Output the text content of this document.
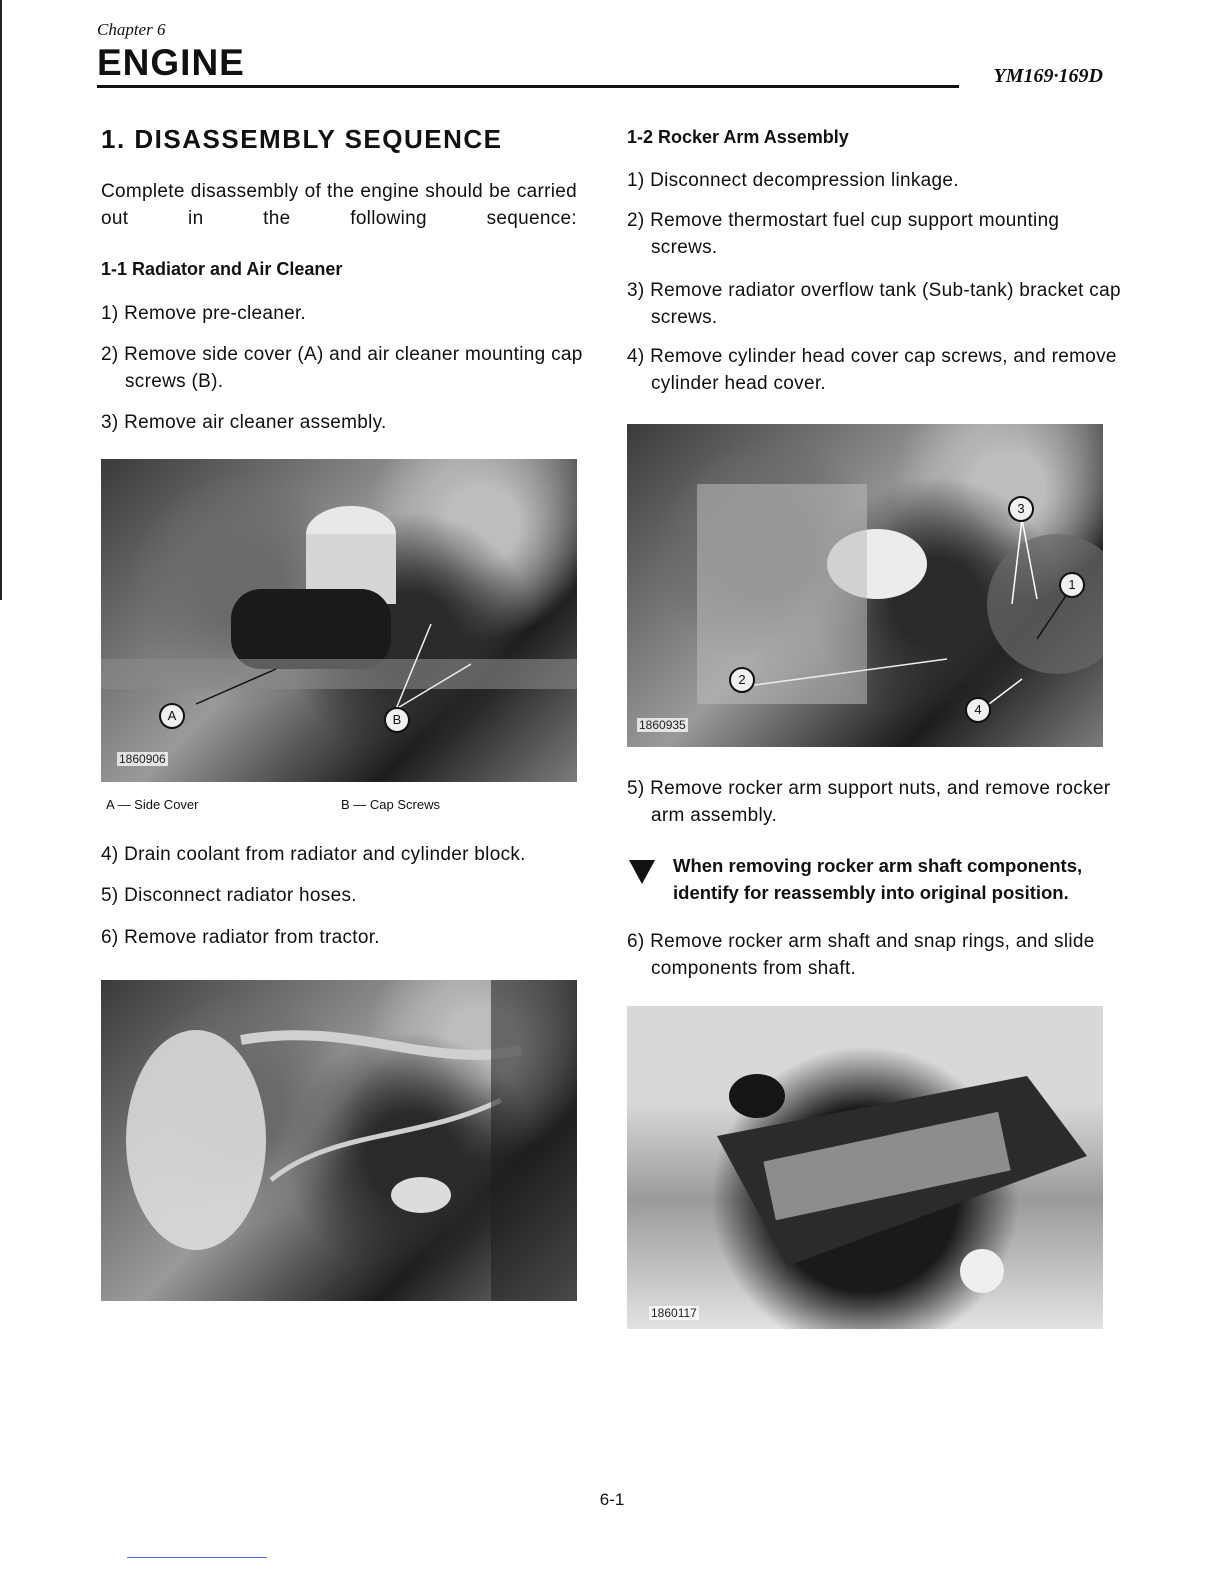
Chapter 6
ENGINE	YM169·169D
1. DISASSEMBLY SEQUENCE
Complete disassembly of the engine should be carried out in the following sequence:
1-1 Radiator and Air Cleaner
1) Remove pre-cleaner.
2) Remove side cover (A) and air cleaner mounting cap screws (B).
3) Remove air cleaner assembly.
A	B
1860906
A — Side Cover	B — Cap Screws
4) Drain coolant from radiator and cylinder block.
5) Disconnect radiator hoses.
6) Remove radiator from tractor.
1-2 Rocker Arm Assembly
1) Disconnect decompression linkage.
2) Remove thermostart fuel cup support mounting screws.
3) Remove radiator overflow tank (Sub-tank) bracket cap screws.
4) Remove cylinder head cover cap screws, and remove cylinder head cover.
1
2
3
4
1860935
5) Remove rocker arm support nuts, and remove rocker arm assembly.
When removing rocker arm shaft components, identify for reassembly into original position.
6) Remove rocker arm shaft and snap rings, and slide components from shaft.
1860117
6-1
